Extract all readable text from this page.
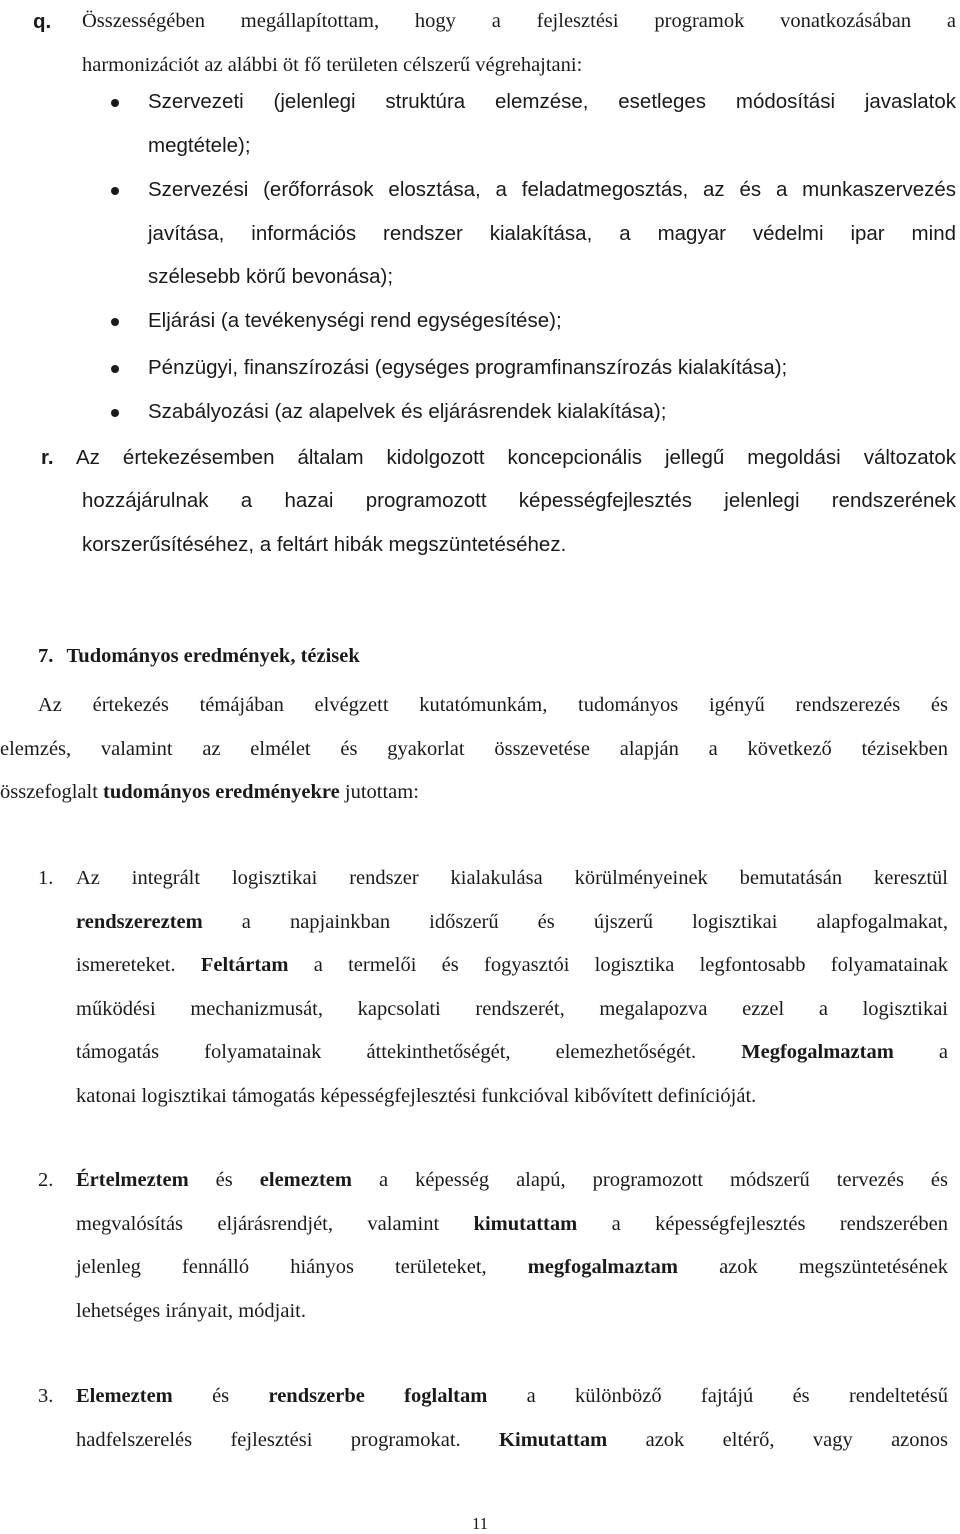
q. Összességében megállapítottam, hogy a fejlesztési programok vonatkozásában a
harmonizációt az alábbi öt fő területen célszerű végrehajtani:
Szervezeti (jelenlegi struktúra elemzése, esetleges módosítási javaslatok
megtétele);
Szervezési (erőforrások elosztása, a feladatmegosztás, az és a munkaszervezés
javítása, információs rendszer kialakítása, a magyar védelmi ipar mind
szélesebb körű bevonása);
Eljárási (a tevékenységi rend egységesítése);
Pénzügyi, finanszírozási (egységes programfinanszírozás kialakítása);
Szabályozási (az alapelvek és eljárásrendek kialakítása);
r. Az értekezésemben általam kidolgozott koncepcionális jellegű megoldási változatok
hozzájárulnak a hazai programozott képességfejlesztés jelenlegi rendszerének
korszerűsítéséhez, a feltárt hibák megszüntetéséhez.
7. Tudományos eredmények, tézisek
Az értekezés témájában elvégzett kutatómunkám, tudományos igényű rendszerezés és
elemzés, valamint az elmélet és gyakorlat összevetése alapján a következő tézisekben
összefoglalt tudományos eredményekre jutottam:
1. Az integrált logisztikai rendszer kialakulása körülményeinek bemutatásán keresztül
rendszereztem a napjainkban időszerű és újszerű logisztikai alapfogalmakat,
ismereteket. Feltártam a termelői és fogyasztói logisztika legfontosabb folyamatainak
működési mechanizmusát, kapcsolati rendszerét, megalapozva ezzel a logisztikai
támogatás folyamatainak áttekinthetőségét, elemezhetőségét. Megfogalmaztam a
katonai logisztikai támogatás képességfejlesztési funkcióval kibővített definícióját.
2. Értelmeztem és elemeztem a képesség alapú, programozott módszerű tervezés és
megvalósítás eljárásrendjét, valamint kimutattam a képességfejlesztés rendszerében
jelenleg fennálló hiányos területeket, megfogalmaztam azok megszüntetésének
lehetséges irányait, módjait.
3. Elemeztem és rendszerbe foglaltam a különböző fajtájú és rendeltetésű
hadfelszerelés fejlesztési programokat. Kimutattam azok eltérő, vagy azonos
11
